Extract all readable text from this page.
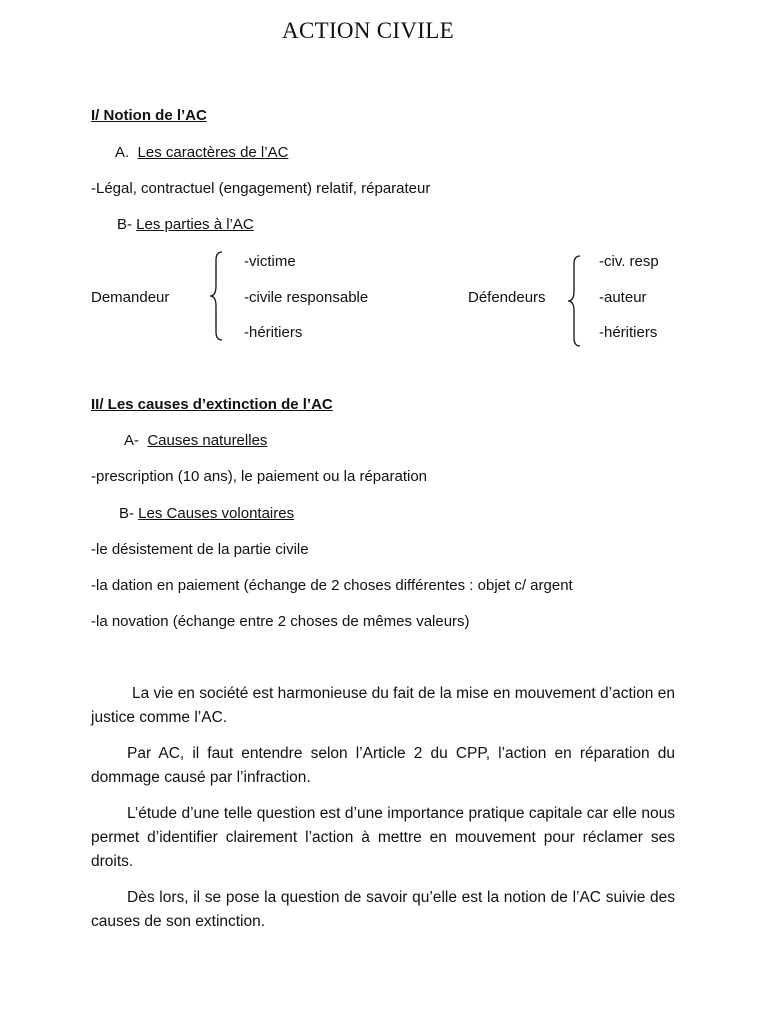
ACTION CIVILE
I/ Notion de l’AC
A. Les caractères de l’AC
-Légal, contractuel (engagement) relatif, réparateur
B- Les parties à l’AC
Demandeur
-victime
-civile responsable
-héritiers
Défendeurs
-civ. resp
-auteur
-héritiers
II/ Les causes d’extinction de l’AC
A- Causes naturelles
-prescription (10 ans), le paiement ou la réparation
B- Les Causes volontaires
-le désistement de la partie civile
-la dation en paiement (échange de 2 choses différentes : objet c/ argent
-la novation (échange entre 2 choses de mêmes valeurs)
La vie en société est harmonieuse du fait de la mise en mouvement d’action en justice comme l’AC.
Par AC, il faut entendre selon l’Article 2 du CPP, l’action en réparation du dommage causé par l’infraction.
L’étude d’une telle question est d’une importance pratique capitale car elle nous permet d’identifier clairement l’action à mettre en mouvement pour réclamer ses droits.
Dès lors, il se pose la question de savoir qu’elle est la notion de l’AC suivie des causes de son extinction.
